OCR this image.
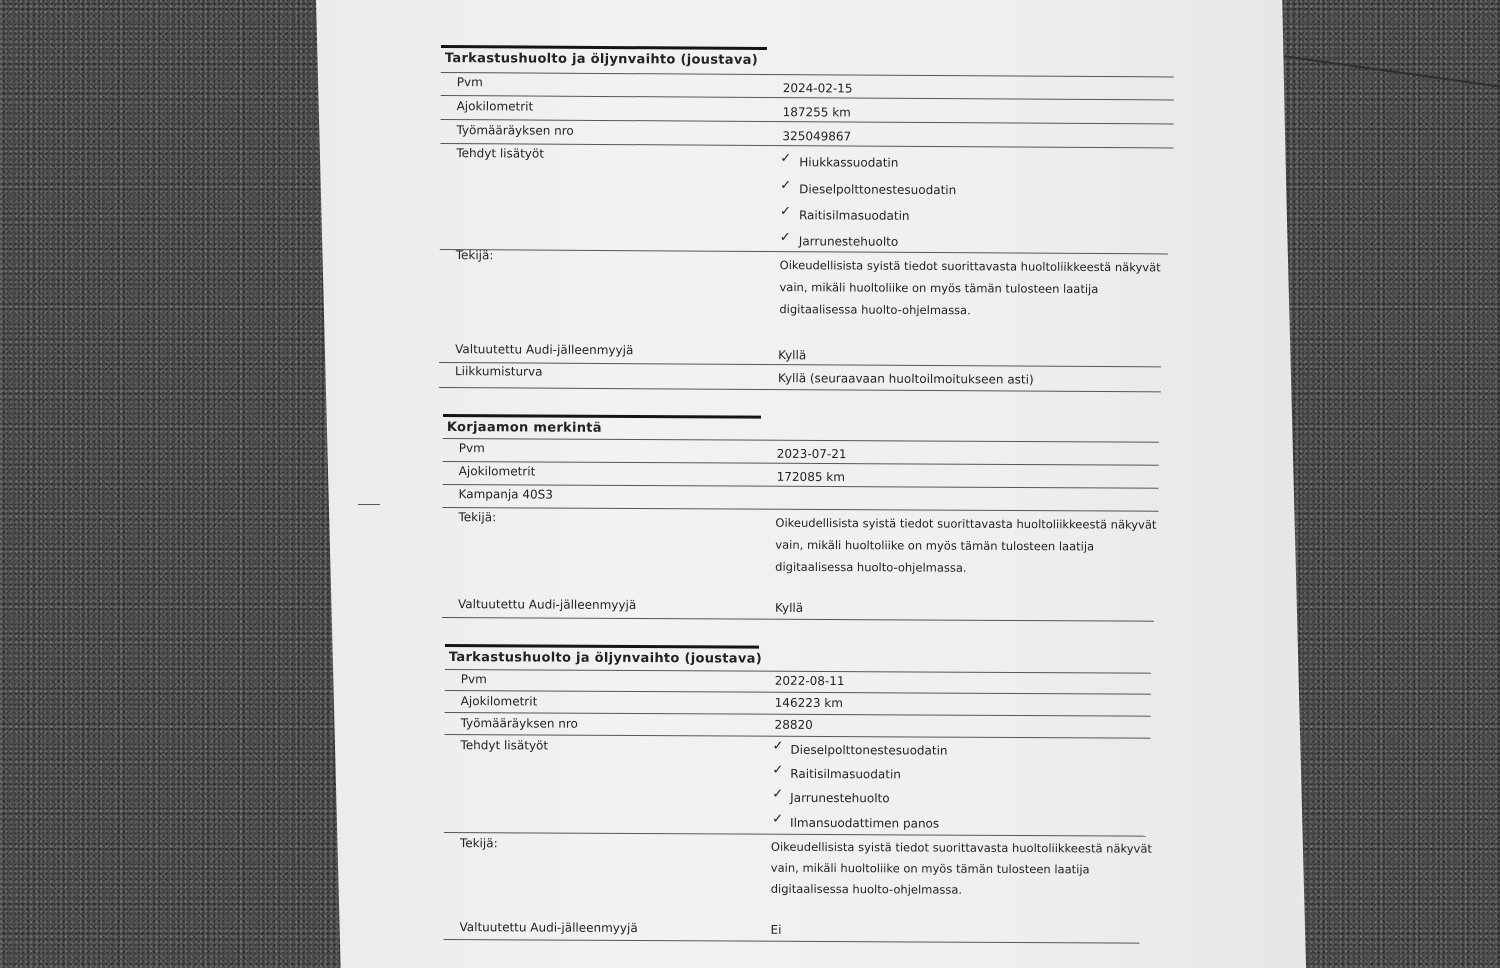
Tarkastushuolto ja öljynvaihto (joustava)
Pvm	2024-02-15
Ajokilometrit	187255 km
Työmääräyksen nro	325049867
Tehdyt lisätyöt	✓ Hiukkassuodatin
✓ Dieselpolttonestesuodatin
✓ Raitisilmasuodatin
✓ Jarrunestehuolto
Tekijä:
Oikeudellisista syistä tiedot suorittavasta huoltoliikkeestä näkyvät
vain, mikäli huoltoliike on myös tämän tulosteen laatija
digitaalisessa huolto-ohjelmassa.
Valtuutettu Audi-jälleenmyyjä	Kyllä
Liikkumisturva	Kyllä (seuraavaan huoltoilmoitukseen asti)
Korjaamon merkintä
Pvm	2023-07-21
Ajokilometrit	172085 km
Kampanja 40S3
Tekijä:	Oikeudellisista syistä tiedot suorittavasta huoltoliikkeestä näkyvät
vain, mikäli huoltoliike on myös tämän tulosteen laatija
digitaalisessa huolto-ohjelmassa.
Valtuutettu Audi-jälleenmyyjä	Kyllä
Tarkastushuolto ja öljynvaihto (joustava)
Pvm	2022-08-11
Ajokilometrit	146223 km
Työmääräyksen nro	28820
Tehdyt lisätyöt	✓ Dieselpolttonestesuodatin
✓ Raitisilmasuodatin
✓ Jarrunestehuolto
✓ Ilmansuodattimen panos
Tekijä:	Oikeudellisista syistä tiedot suorittavasta huoltoliikkeestä näkyvät
vain, mikäli huoltoliike on myös tämän tulosteen laatija
digitaalisessa huolto-ohjelmassa.
Valtuutettu Audi-jälleenmyyjä	Ei
